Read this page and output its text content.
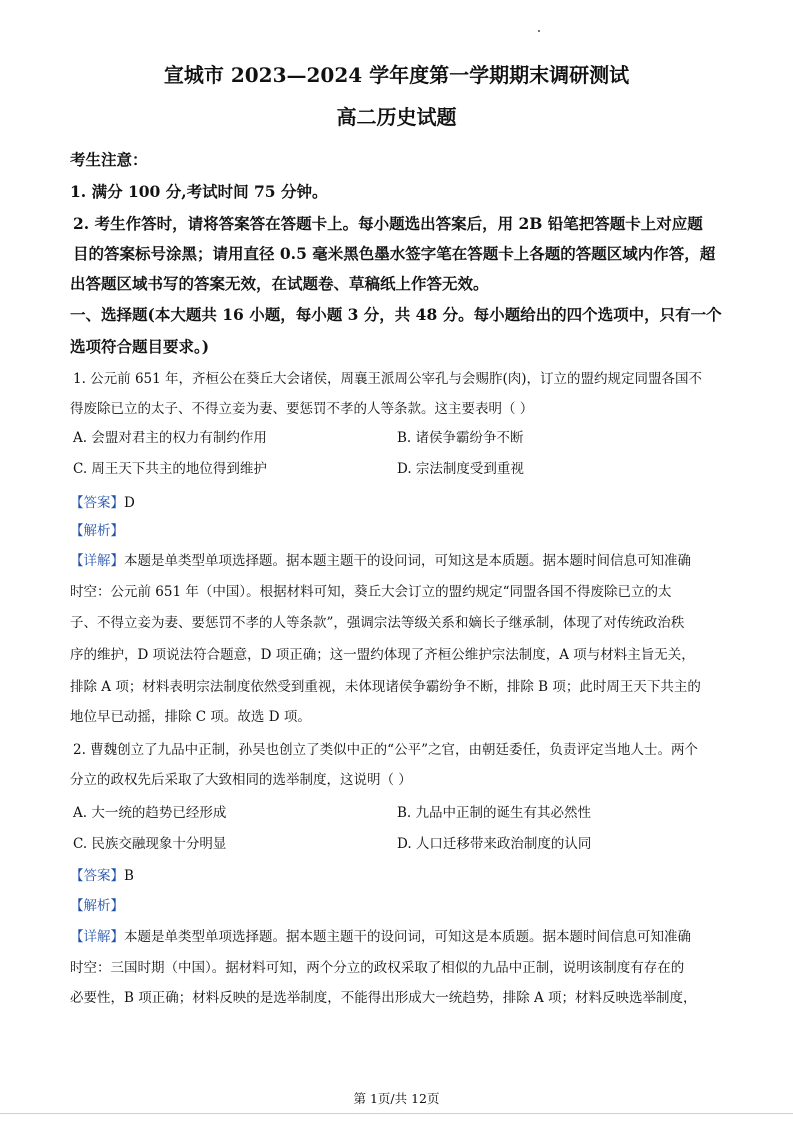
宣城市 2023—2024 学年度第一学期期末调研测试
高二历史试题
考生注意：
1. 满分 100 分,考试时间 75 分钟。
2. 考生作答时，请将答案答在答题卡上。每小题选出答案后，用 2B 铅笔把答题卡上对应题
目的答案标号涂黑；请用直径 0.5 毫米黑色墨水签字笔在答题卡上各题的答题区域内作答，超
出答题区域书写的答案无效，在试题卷、草稿纸上作答无效。
一、选择题(本大题共 16 小题，每小题 3 分，共 48 分。每小题给出的四个选项中，只有一个
选项符合题目要求。)
1. 公元前 651 年，齐桓公在葵丘大会诸侯，周襄王派周公宰孔与会赐胙(肉)，订立的盟约规定同盟各国不
得废除已立的太子、不得立妾为妻、要惩罚不孝的人等条款。这主要表明（ ）
A. 会盟对君主的权力有制约作用	B. 诸侯争霸纷争不断
C. 周王天下共主的地位得到维护	D. 宗法制度受到重视
【答案】D
【解析】
【详解】本题是单类型单项选择题。据本题主题干的设问词，可知这是本质题。据本题时间信息可知准确
时空：公元前 651 年（中国）。根据材料可知，葵丘大会订立的盟约规定“同盟各国不得废除已立的太
子、不得立妾为妻、要惩罚不孝的人等条款”，强调宗法等级关系和嫡长子继承制，体现了对传统政治秩
序的维护，D 项说法符合题意，D 项正确；这一盟约体现了齐桓公维护宗法制度，A 项与材料主旨无关，
排除 A 项；材料表明宗法制度依然受到重视，未体现诸侯争霸纷争不断，排除 B 项；此时周王天下共主的
地位早已动摇，排除 C 项。故选 D 项。
2. 曹魏创立了九品中正制，孙吴也创立了类似中正的“公平”之官，由朝廷委任，负责评定当地人士。两个
分立的政权先后采取了大致相同的选举制度，这说明（ ）
A. 大一统的趋势已经形成	B. 九品中正制的诞生有其必然性
C. 民族交融现象十分明显	D. 人口迁移带来政治制度的认同
【答案】B
【解析】
【详解】本题是单类型单项选择题。据本题主题干的设问词，可知这是本质题。据本题时间信息可知准确
时空：三国时期（中国）。据材料可知，两个分立的政权采取了相似的九品中正制，说明该制度有存在的
必要性，B 项正确；材料反映的是选举制度，不能得出形成大一统趋势，排除 A 项；材料反映选举制度，
第 1页/共 12页
